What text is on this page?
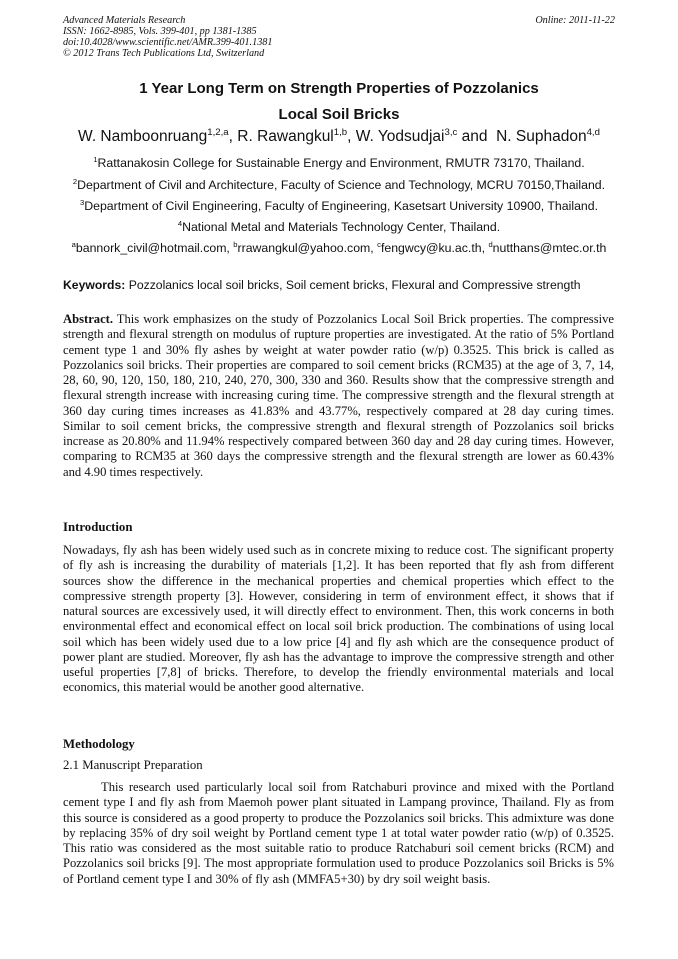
Advanced Materials Research
ISSN: 1662-8985, Vols. 399-401, pp 1381-1385
doi:10.4028/www.scientific.net/AMR.399-401.1381
© 2012 Trans Tech Publications Ltd, Switzerland
Online: 2011-11-22
1 Year Long Term on Strength Properties of Pozzolanics
Local Soil Bricks
W. Namboonruang$^{1,2,a}$, R. Rawangkul$^{1,b}$, W. Yodsudjai$^{3,c}$ and  N. Suphadon$^{4,d}$
$^1$Rattanakosin College for Sustainable Energy and Environment, RMUTR 73170, Thailand.
$^2$Department of Civil and Architecture, Faculty of Science and Technology, MCRU 70150,Thailand.
$^3$Department of Civil Engineering, Faculty of Engineering, Kasetsart University 10900, Thailand.
$^4$National Metal and Materials Technology Center, Thailand.
$^a$bannork_civil@hotmail.com, $^b$rrawangkul@yahoo.com, $^c$fengwcy@ku.ac.th, $^d$nutthans@mtec.or.th
Keywords: Pozzolanics local soil bricks, Soil cement bricks, Flexural and Compressive strength

Abstract. This work emphasizes on the study of Pozzolanics Local Soil Brick properties. The compressive strength and flexural strength on modulus of rupture properties are investigated. At the ratio of 5% Portland cement type 1 and 30% fly ashes by weight at water powder ratio (w/p) 0.3525. This brick is called as Pozzolanics soil bricks. Their properties are compared to soil cement bricks (RCM35) at the age of 3, 7, 14, 28, 60, 90, 120, 150, 180, 210, 240, 270, 300, 330 and 360. Results show that the compressive strength and flexural strength increase with increasing curing time. The compressive strength and the flexural strength at 360 day curing times increases as 41.83% and 43.77%, respectively compared at 28 day curing times. Similar to soil cement bricks, the compressive strength and flexural strength of Pozzolanics soil bricks increase as 20.80% and 11.94% respectively compared between 360 day and 28 day curing times. However, comparing to RCM35 at 360 days the compressive strength and the flexural strength are lower as 60.43% and 4.90 times respectively.

Introduction

Nowadays, fly ash has been widely used such as in concrete mixing to reduce cost. The significant property of fly ash is increasing the durability of materials [1,2]. It has been reported that fly ash from different sources show the difference in the mechanical properties and chemical properties which effect to the compressive strength property [3]. However, considering in term of environment effect, it shows that if natural sources are excessively used, it will directly effect to environment. Then, this work concerns in both environmental effect and economical effect on local soil brick production. The combinations of using local soil which has been widely used due to a low price [4] and fly ash which are the consequence product of power plant are studied. Moreover, fly ash has the advantage to improve the compressive strength and other useful properties [7,8] of bricks. Therefore, to develop the friendly environmental materials and local economics, this material would be another good alternative.

Methodology
2.1 Manuscript Preparation

This research used particularly local soil from Ratchaburi province and mixed with the Portland cement type I and fly ash from Maemoh power plant situated in Lampang province, Thailand. Fly as from this source is considered as a good property to produce the Pozzolanics soil bricks. This admixture was done by replacing 35% of dry soil weight by Portland cement type 1 at total water powder ratio (w/p) of 0.3525. This ratio was considered as the most suitable ratio to produce Ratchaburi soil cement bricks (RCM) and Pozzolanics soil bricks [9]. The most appropriate formulation used to produce Pozzolanics soil Bricks is 5% of Portland cement type I and 30% of fly ash (MMFA5+30) by dry soil weight basis.
